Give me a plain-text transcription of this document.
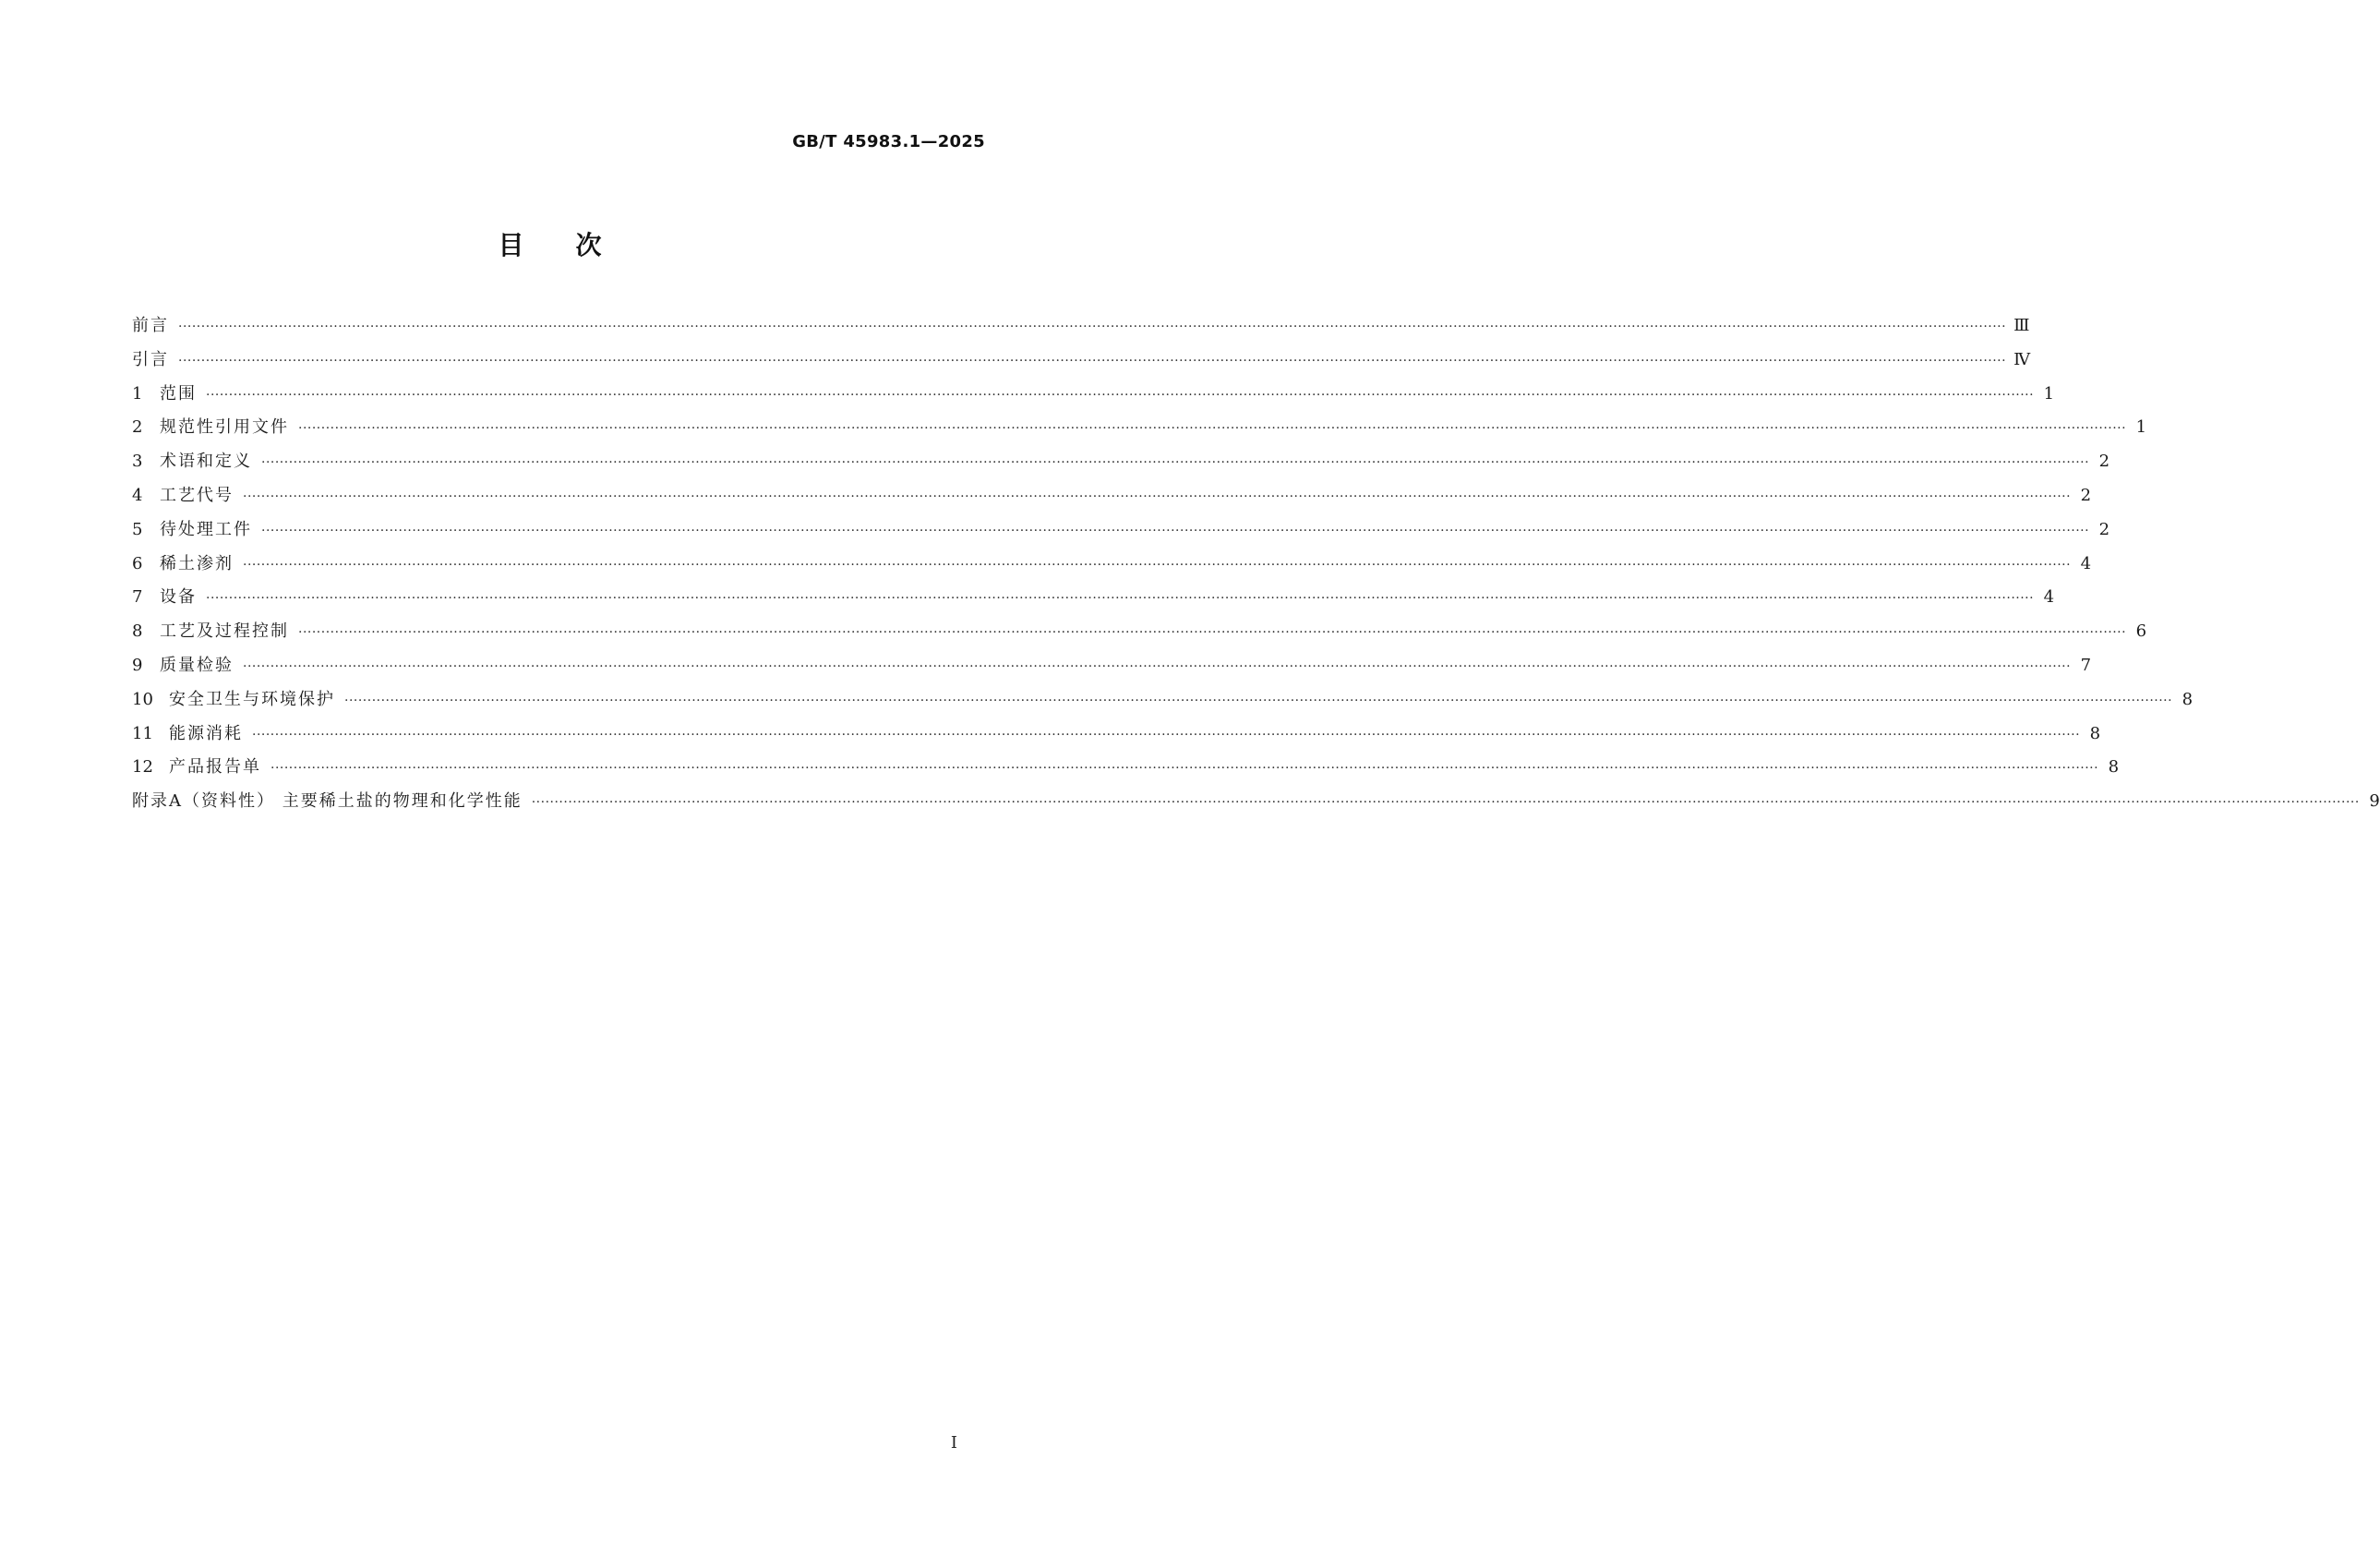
GB/T 45983.1—2025
目次
前言 ················································································································································································································································································································································································································ Ⅲ
引言 ················································································································································································································································································································································································································ Ⅳ
1	范围 ················································································································································································································································································································································································································ 1
2	规范性引用文件 ················································································································································································································································································································································································································ 1
3	术语和定义 ················································································································································································································································································································································································································ 2
4	工艺代号 ················································································································································································································································································································································································································ 2
5	待处理工件 ················································································································································································································································································································································································································ 2
6	稀土渗剂 ················································································································································································································································································································································································································ 4
7	设备 ················································································································································································································································································································································································································ 4
8	工艺及过程控制 ················································································································································································································································································································································································································ 6
9	质量检验 ················································································································································································································································································································································································································ 7
10 安全卫生与环境保护 ················································································································································································································································································································································································································ 8
11 能源消耗 ················································································································································································································································································································································································································ 8
12 产品报告单 ················································································································································································································································································································································································································ 8
附录A（资料性） 主要稀土盐的物理和化学性能 ················································································································································································································································································································································································································ 9
I
